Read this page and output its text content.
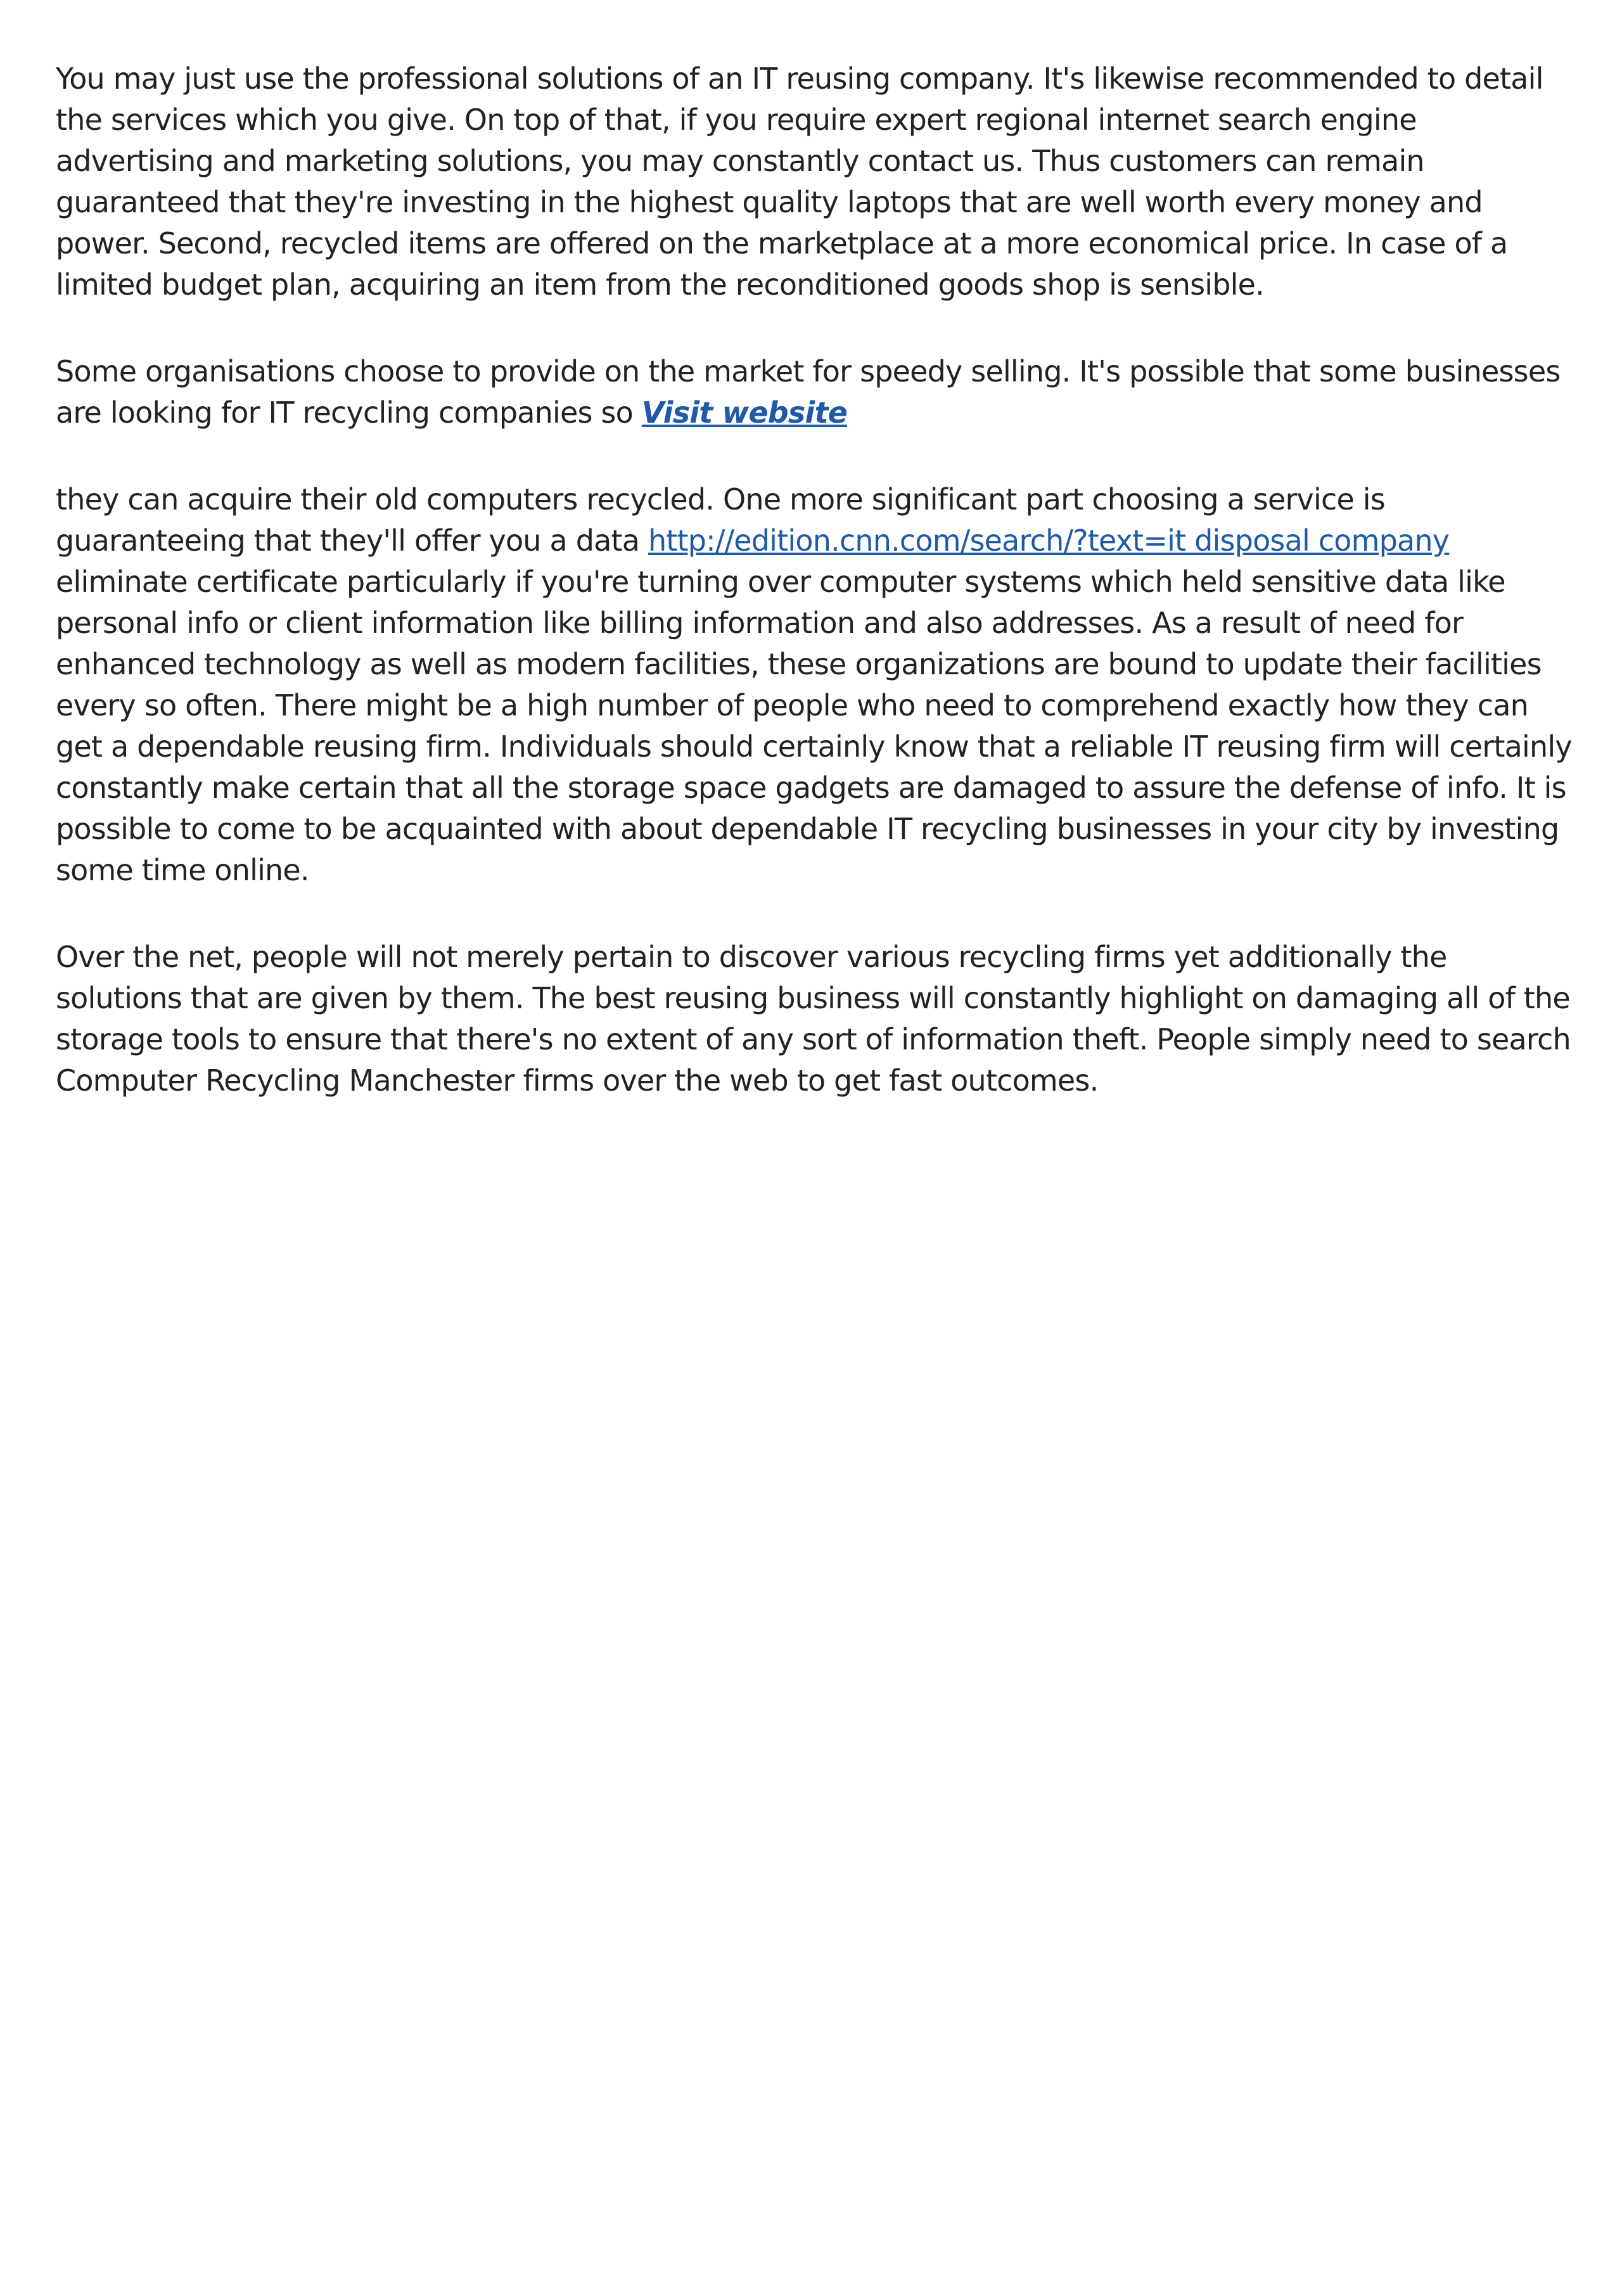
You may just use the professional solutions of an IT reusing company. It's likewise recommended to detail the services which you give. On top of that, if you require expert regional internet search engine advertising and marketing solutions, you may constantly contact us. Thus customers can remain guaranteed that they're investing in the highest quality laptops that are well worth every money and power. Second, recycled items are offered on the marketplace at a more economical price. In case of a limited budget plan, acquiring an item from the reconditioned goods shop is sensible.

Some organisations choose to provide on the market for speedy selling. It's possible that some businesses are looking for IT recycling companies so Visit website

they can acquire their old computers recycled. One more significant part choosing a service is guaranteeing that they'll offer you a data http://edition.cnn.com/search/?text=it disposal company eliminate certificate particularly if you're turning over computer systems which held sensitive data like personal info or client information like billing information and also addresses. As a result of need for enhanced technology as well as modern facilities, these organizations are bound to update their facilities every so often. There might be a high number of people who need to comprehend exactly how they can get a dependable reusing firm. Individuals should certainly know that a reliable IT reusing firm will certainly constantly make certain that all the storage space gadgets are damaged to assure the defense of info. It is possible to come to be acquainted with about dependable IT recycling businesses in your city by investing some time online.

Over the net, people will not merely pertain to discover various recycling firms yet additionally the solutions that are given by them. The best reusing business will constantly highlight on damaging all of the storage tools to ensure that there's no extent of any sort of information theft. People simply need to search Computer Recycling Manchester firms over the web to get fast outcomes.
